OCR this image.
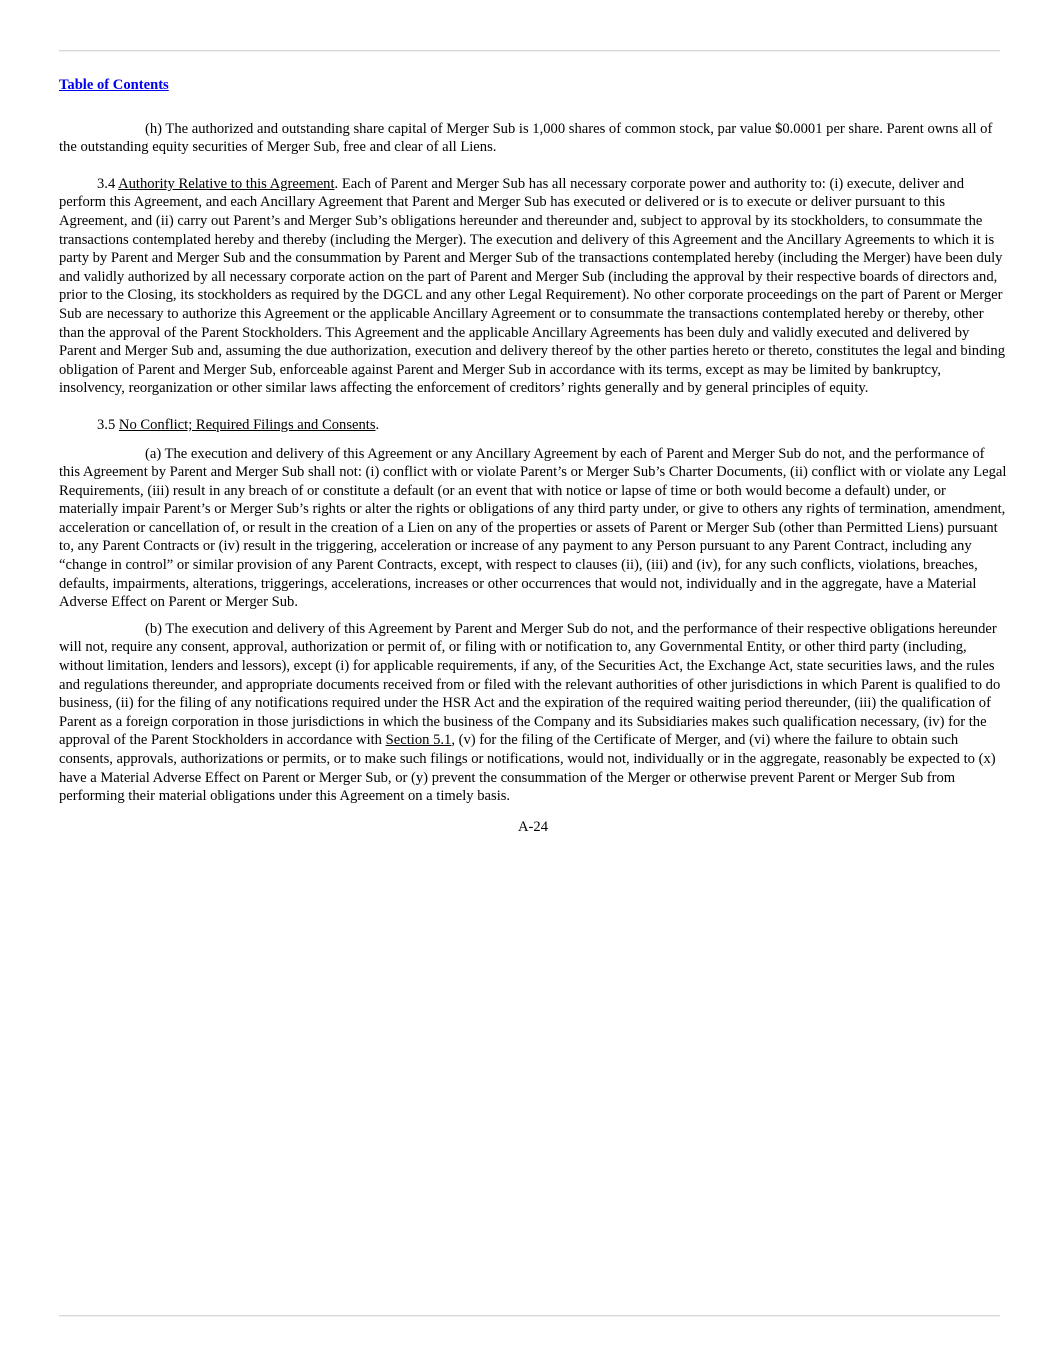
Table of Contents

(h) The authorized and outstanding share capital of Merger Sub is 1,000 shares of common stock, par value $0.0001 per share. Parent owns all of the outstanding equity securities of Merger Sub, free and clear of all Liens.

3.4 Authority Relative to this Agreement. Each of Parent and Merger Sub has all necessary corporate power and authority to: (i) execute, deliver and perform this Agreement, and each Ancillary Agreement that Parent and Merger Sub has executed or delivered or is to execute or deliver pursuant to this Agreement, and (ii) carry out Parent’s and Merger Sub’s obligations hereunder and thereunder and, subject to approval by its stockholders, to consummate the transactions contemplated hereby and thereby (including the Merger). The execution and delivery of this Agreement and the Ancillary Agreements to which it is party by Parent and Merger Sub and the consummation by Parent and Merger Sub of the transactions contemplated hereby (including the Merger) have been duly and validly authorized by all necessary corporate action on the part of Parent and Merger Sub (including the approval by their respective boards of directors and, prior to the Closing, its stockholders as required by the DGCL and any other Legal Requirement). No other corporate proceedings on the part of Parent or Merger Sub are necessary to authorize this Agreement or the applicable Ancillary Agreement or to consummate the transactions contemplated hereby or thereby, other than the approval of the Parent Stockholders. This Agreement and the applicable Ancillary Agreements has been duly and validly executed and delivered by Parent and Merger Sub and, assuming the due authorization, execution and delivery thereof by the other parties hereto or thereto, constitutes the legal and binding obligation of Parent and Merger Sub, enforceable against Parent and Merger Sub in accordance with its terms, except as may be limited by bankruptcy, insolvency, reorganization or other similar laws affecting the enforcement of creditors’ rights generally and by general principles of equity.

3.5 No Conflict; Required Filings and Consents.

(a) The execution and delivery of this Agreement or any Ancillary Agreement by each of Parent and Merger Sub do not, and the performance of this Agreement by Parent and Merger Sub shall not: (i) conflict with or violate Parent’s or Merger Sub’s Charter Documents, (ii) conflict with or violate any Legal Requirements, (iii) result in any breach of or constitute a default (or an event that with notice or lapse of time or both would become a default) under, or materially impair Parent’s or Merger Sub’s rights or alter the rights or obligations of any third party under, or give to others any rights of termination, amendment, acceleration or cancellation of, or result in the creation of a Lien on any of the properties or assets of Parent or Merger Sub (other than Permitted Liens) pursuant to, any Parent Contracts or (iv) result in the triggering, acceleration or increase of any payment to any Person pursuant to any Parent Contract, including any “change in control” or similar provision of any Parent Contracts, except, with respect to clauses (ii), (iii) and (iv), for any such conflicts, violations, breaches, defaults, impairments, alterations, triggerings, accelerations, increases or other occurrences that would not, individually and in the aggregate, have a Material Adverse Effect on Parent or Merger Sub.

(b) The execution and delivery of this Agreement by Parent and Merger Sub do not, and the performance of their respective obligations hereunder will not, require any consent, approval, authorization or permit of, or filing with or notification to, any Governmental Entity, or other third party (including, without limitation, lenders and lessors), except (i) for applicable requirements, if any, of the Securities Act, the Exchange Act, state securities laws, and the rules and regulations thereunder, and appropriate documents received from or filed with the relevant authorities of other jurisdictions in which Parent is qualified to do business, (ii) for the filing of any notifications required under the HSR Act and the expiration of the required waiting period thereunder, (iii) the qualification of Parent as a foreign corporation in those jurisdictions in which the business of the Company and its Subsidiaries makes such qualification necessary, (iv) for the approval of the Parent Stockholders in accordance with Section 5.1, (v) for the filing of the Certificate of Merger, and (vi) where the failure to obtain such consents, approvals, authorizations or permits, or to make such filings or notifications, would not, individually or in the aggregate, reasonably be expected to (x) have a Material Adverse Effect on Parent or Merger Sub, or (y) prevent the consummation of the Merger or otherwise prevent Parent or Merger Sub from performing their material obligations under this Agreement on a timely basis.

A-24
